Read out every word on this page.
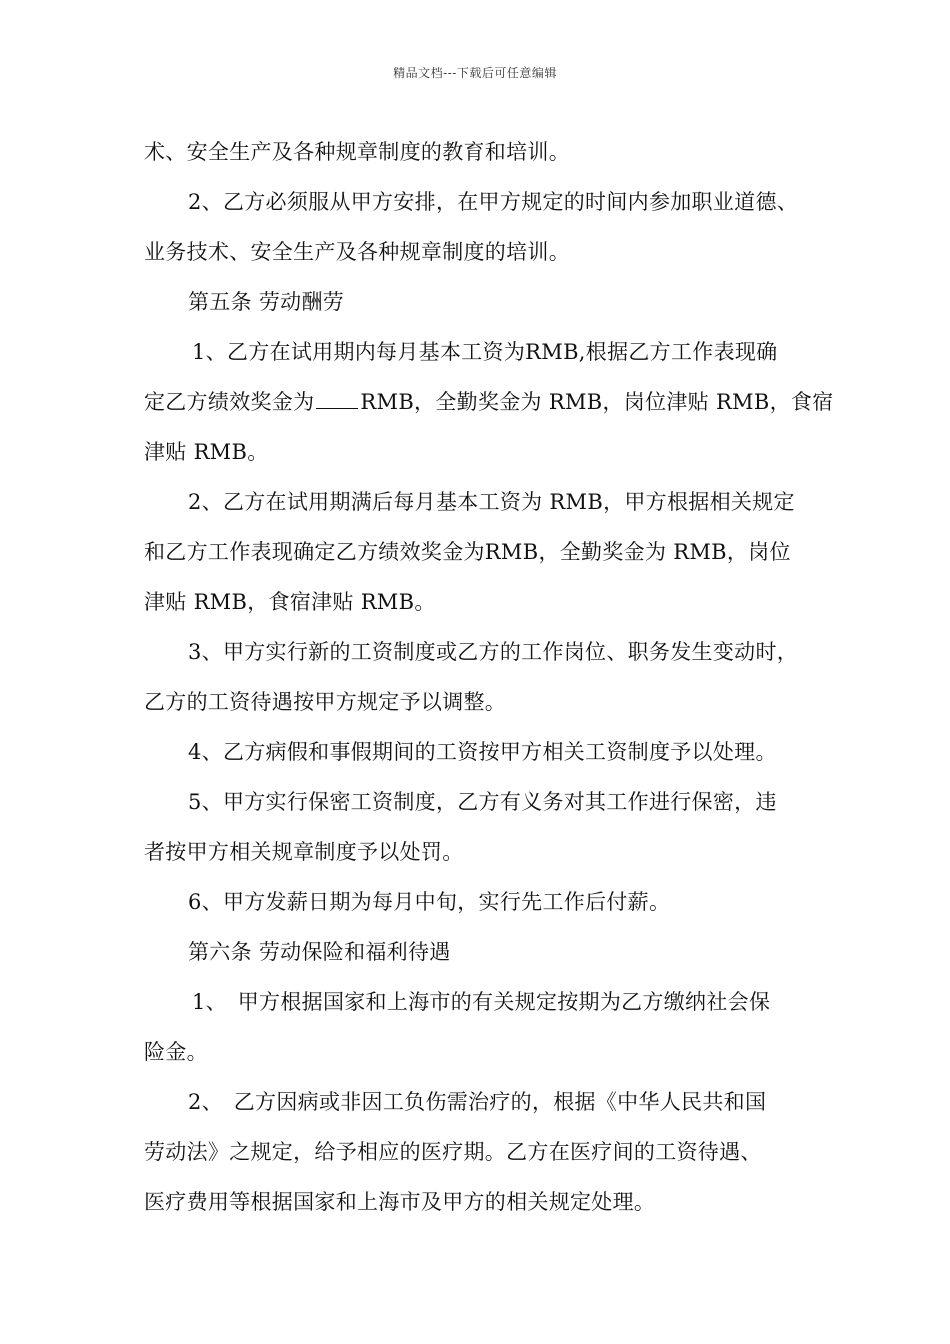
精品文档---下载后可任意编辑
术、安全生产及各种规章制度的教育和培训。
2、乙方必须服从甲方安排，在甲方规定的时间内参加职业道德、
业务技术、安全生产及各种规章制度的培训。
第五条 劳动酬劳
1、乙方在试用期内每月基本工资为RMB,根据乙方工作表现确
定乙方绩效奖金为 RMB，全勤奖金为 RMB，岗位津贴 RMB，食宿
津贴 RMB。
2、乙方在试用期满后每月基本工资为 RMB，甲方根据相关规定
和乙方工作表现确定乙方绩效奖金为RMB，全勤奖金为 RMB，岗位
津贴 RMB，食宿津贴 RMB。
3、甲方实行新的工资制度或乙方的工作岗位、职务发生变动时，
乙方的工资待遇按甲方规定予以调整。
4、乙方病假和事假期间的工资按甲方相关工资制度予以处理。
5、甲方实行保密工资制度，乙方有义务对其工作进行保密，违
者按甲方相关规章制度予以处罚。
6、甲方发薪日期为每月中旬，实行先工作后付薪。
第六条 劳动保险和福利待遇
1、　甲方根据国家和上海市的有关规定按期为乙方缴纳社会保
险金。
2、　乙方因病或非因工负伤需治疗的，根据《中华人民共和国
劳动法》之规定，给予相应的医疗期。乙方在医疗间的工资待遇、
医疗费用等根据国家和上海市及甲方的相关规定处理。
